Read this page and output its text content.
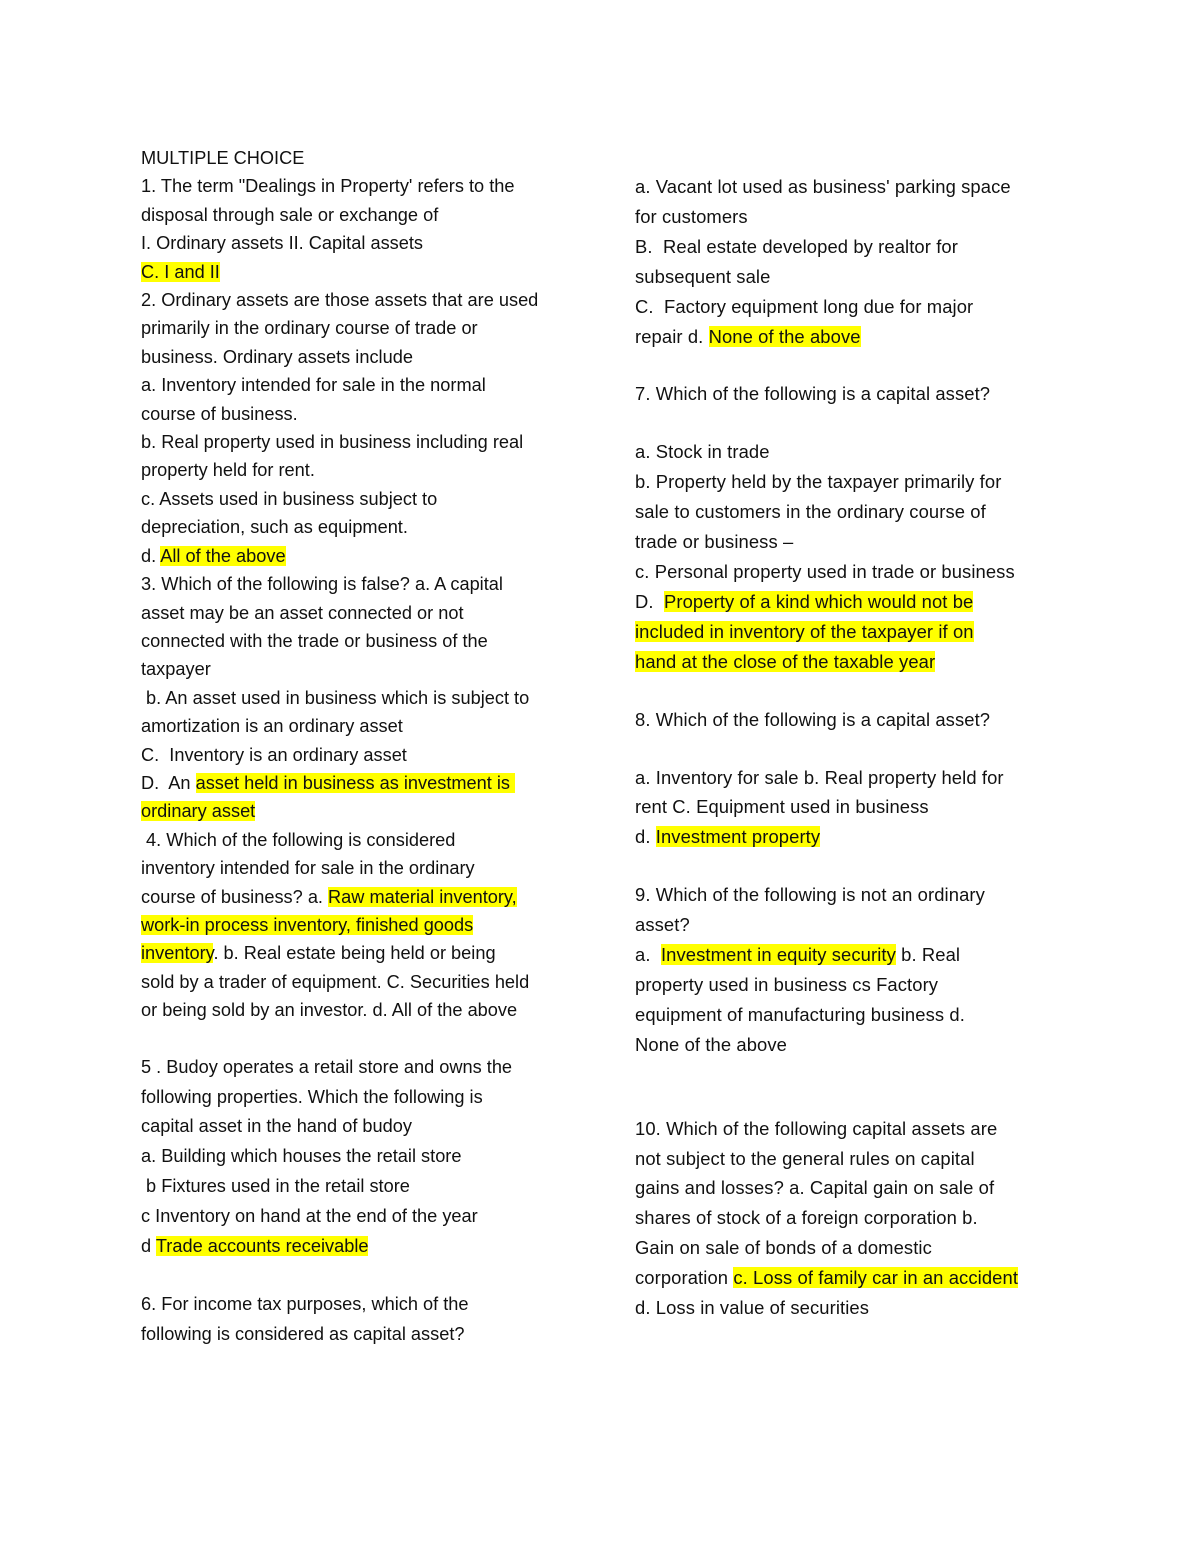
MULTIPLE CHOICE
1. The term "Dealings in Property' refers to the
disposal through sale or exchange of
I. Ordinary assets II. Capital assets
C. I and II
2. Ordinary assets are those assets that are used
primarily in the ordinary course of trade or
business. Ordinary assets include
a. Inventory intended for sale in the normal
course of business.
b. Real property used in business including real
property held for rent.
c. Assets used in business subject to
depreciation, such as equipment.
d. All of the above
3. Which of the following is false? a. A capital
asset may be an asset connected or not
connected with the trade or business of the
taxpayer
b. An asset used in business which is subject to
amortization is an ordinary asset
C.  Inventory is an ordinary asset
D.  An asset held in business as investment is
ordinary asset
4. Which of the following is considered
inventory intended for sale in the ordinary
course of business? a. Raw material inventory,
work-in process inventory, finished goods
inventory. b. Real estate being held or being
sold by a trader of equipment. C. Securities held
or being sold by an investor. d. All of the above
5 . Budoy operates a retail store and owns the
following properties. Which the following is
capital asset in the hand of budoy
a. Building which houses the retail store
b Fixtures used in the retail store
c Inventory on hand at the end of the year
d Trade accounts receivable
6. For income tax purposes, which of the
following is considered as capital asset?
a. Vacant lot used as business' parking space
for customers
B.  Real estate developed by realtor for
subsequent sale
C.  Factory equipment long due for major
repair d. None of the above
7. Which of the following is a capital asset?
a. Stock in trade
b. Property held by the taxpayer primarily for
sale to customers in the ordinary course of
trade or business –
c. Personal property used in trade or business
D.  Property of a kind which would not be
included in inventory of the taxpayer if on
hand at the close of the taxable year
8. Which of the following is a capital asset?
a. Inventory for sale b. Real property held for
rent C. Equipment used in business
d. Investment property
9. Which of the following is not an ordinary
asset?
a.  Investment in equity security b. Real
property used in business cs Factory
equipment of manufacturing business d.
None of the above
10. Which of the following capital assets are
not subject to the general rules on capital
gains and losses? a. Capital gain on sale of
shares of stock of a foreign corporation b.
Gain on sale of bonds of a domestic
corporation c. Loss of family car in an accident
d. Loss in value of securities
